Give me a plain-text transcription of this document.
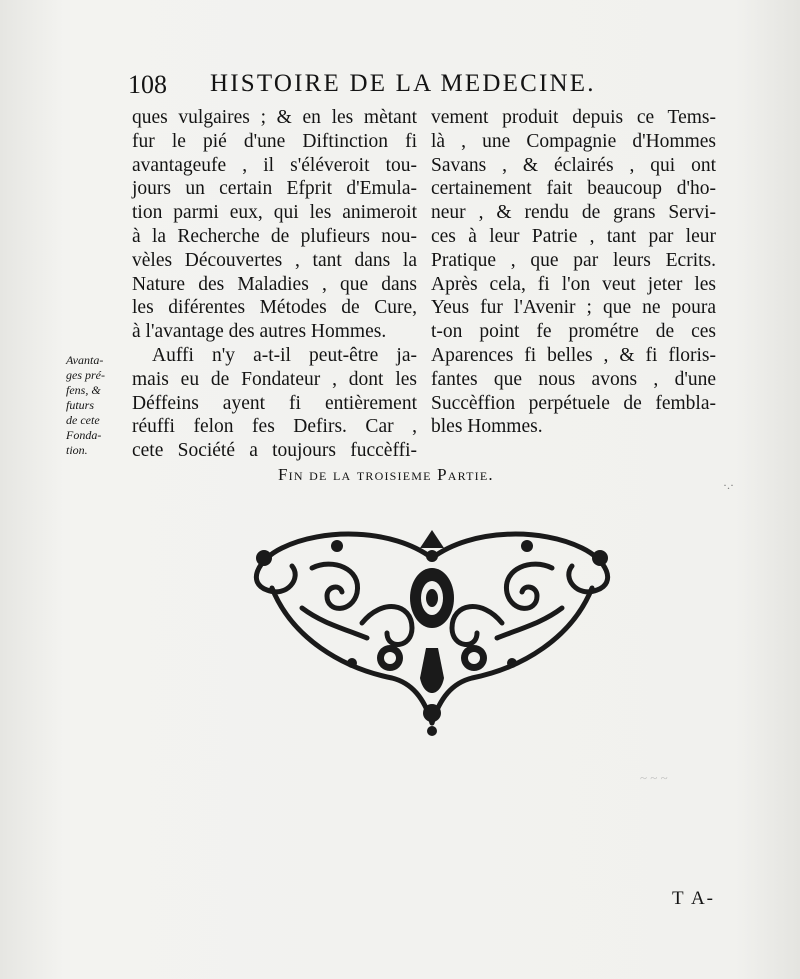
~ ~ ~
108 HISTOIRE DE LA MEDECINE.
Avanta-
ges pré-
fens, &
futurs
de cete
Fonda-
tion.
ques vulgaires ; & en les mètant
fur le pié d'une Diftinction fi
avantageufe , il s'éléveroit tou-
jours un certain Efprit d'Emula-
tion parmi eux, qui les animeroit
à la Recherche de plufieurs nou-
vèles Découvertes , tant dans la
Nature des Maladies , que dans
les diférentes Métodes de Cure,
à l'avantage des autres Hommes.
Auffi n'y a-t-il peut-être ja-
mais eu de Fondateur , dont les
Déffeins ayent fi entièrement
réuffi felon fes Defirs. Car ,
cete Société a toujours fuccèffi-
vement produit depuis ce Tems-
là , une Compagnie d'Hommes
Savans , & éclairés , qui ont
certainement fait beaucoup d'ho-
neur , & rendu de grans Servi-
ces à leur Patrie , tant par leur
Pratique , que par leurs Ecrits.
Après cela, fi l'on veut jeter les
Yeus fur l'Avenir ; que ne poura
t-on point fe prométre de ces
Aparences fi belles , & fi floris-
fantes que nous avons , d'une
Succèffion perpétuele de fembla-
bles Hommes.
Fin de la troisieme Partie.
·.·
T A-
